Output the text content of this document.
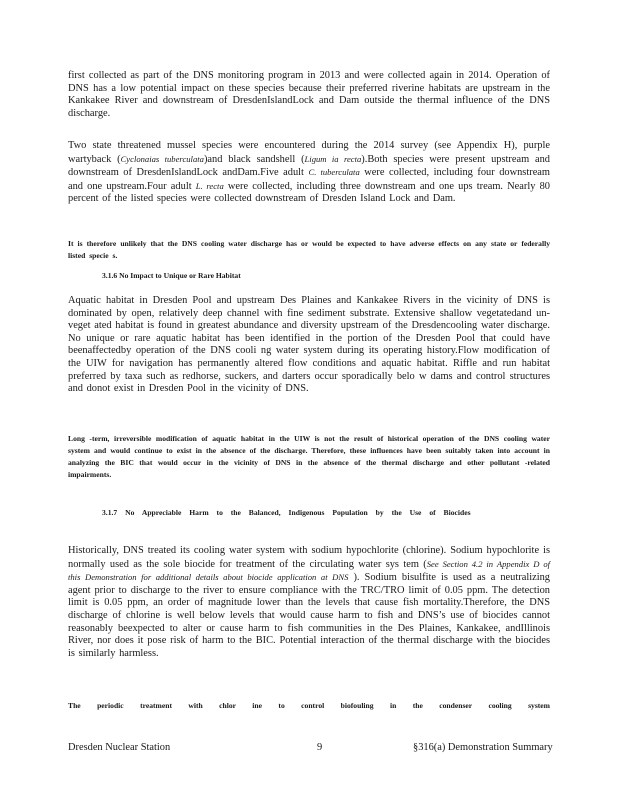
first collected as part of the DNS monitoring program in 2013 and were collected again in 2014. Operation of DNS has a low potential impact on these species because their preferred riverine habitats are upstream in the Kankakee River and downstream of DresdenIslandLock and Dam outside the thermal influence of the DNS discharge.

Two state threatened mussel species were encountered during the 2014 survey (see Appendix H), purple wartyback (Cyclonaias tuberculata)and black sandshell (Ligum ia recta).Both species were present upstream and downstream of DresdenIslandLock andDam.Five adult C. tuberculata were collected, including four downstream and one upstream.Four adult L. recta were collected, including three downstream and one ups tream. Nearly 80 percent of the listed species were collected downstream of Dresden Island Lock and Dam.

It is therefore unlikely that the DNS cooling water discharge has or would be expected to have adverse effects on any state or federally listed specie s.

3.1.6 No Impact to Unique or Rare Habitat

Aquatic habitat in Dresden Pool and upstream Des Plaines and Kankakee Rivers in the vicinity of DNS is dominated by open, relatively deep channel with fine sediment substrate. Extensive shallow vegetatedand un- veget ated habitat is found in greatest abundance and diversity upstream of the Dresdencooling water discharge. No unique or rare aquatic habitat has been identified in the portion of the Dresden Pool that could have beenaffectedby operation of the DNS cooli ng water system during its operating history.Flow modification of the UIW for navigation has permanently altered flow conditions and aquatic habitat. Riffle and run habitat preferred by taxa such as redhorse, suckers, and darters occur sporadically belo w dams and control structures and donot exist in Dresden Pool in the vicinity of DNS.

Long -term, irreversible modification of aquatic habitat in the UIW is not the result of historical operation of the DNS cooling water system and would continue to exist in the absence of the discharge. Therefore, these influences have been suitably taken into account in analyzing the BIC that would occur in the vicinity of DNS in the absence of the thermal discharge and other pollutant -related impairments.

3.1.7 No Appreciable Harm to the Balanced, Indigenous Population by the Use of Biocides

Historically, DNS treated its cooling water system with sodium hypochlorite (chlorine). Sodium hypochlorite is normally used as the sole biocide for treatment of the circulating water sys tem (See Section 4.2 in Appendix D of this Demonstration for additional details about biocide application at DNS ). Sodium bisulfite is used as a neutralizing agent prior to discharge to the river to ensure compliance with the TRC/TRO limit of 0.05 ppm. The detection limit is 0.05 ppm, an order of magnitude lower than the levels that cause fish mortality.Therefore, the DNS discharge of chlorine is well below levels that would cause harm to fish and DNS’s use of biocides cannot reasonably beexpected to alter or cause harm to fish communities in the Des Plaines, Kankakee, andIllinois River, nor does it pose risk of harm to the BIC. Potential interaction of the thermal discharge with the biocides is similarly harmless.

The periodic treatment with chlor ine to control biofouling in the condenser cooling system

Dresden Nuclear Station	9	§316(a) Demonstration Summary
